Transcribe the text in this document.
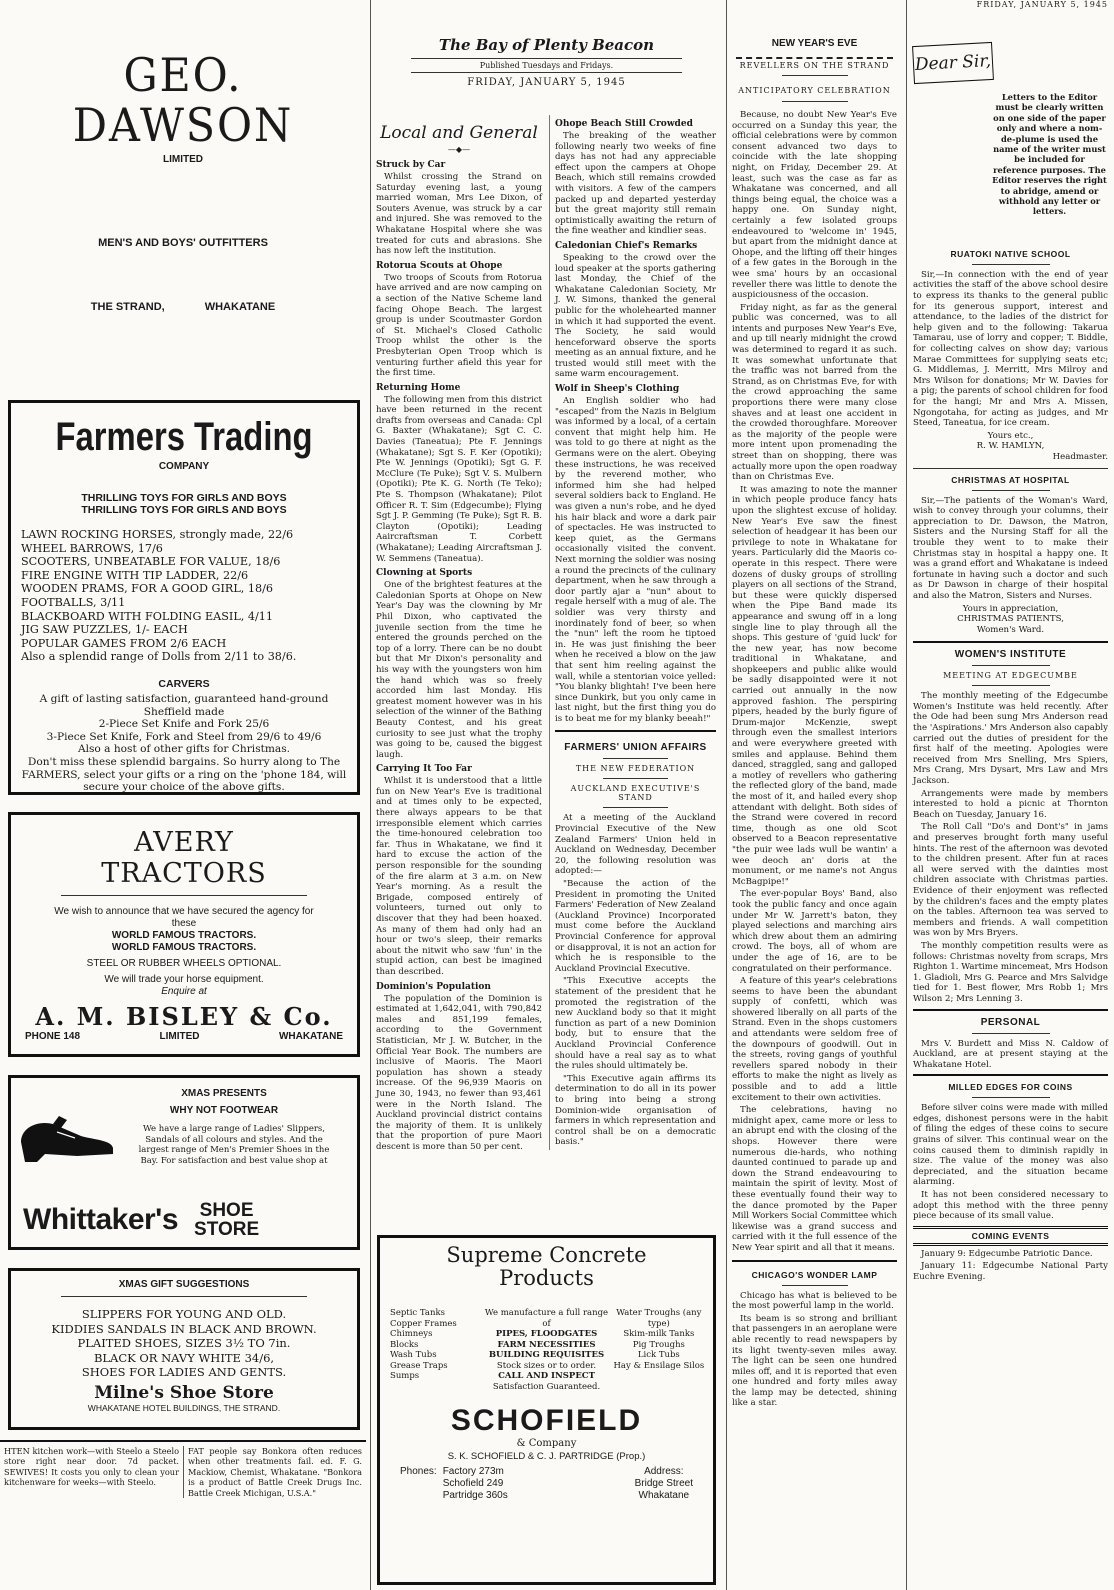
GEO. DAWSON
LIMITED
MEN'S AND BOYS' OUTFITTERS
THE STRAND,	WHAKATANE
Farmers Trading
COMPANY
THRILLING TOYS FOR GIRLS AND BOYS
THRILLING TOYS FOR GIRLS AND BOYS
LAWN ROCKING HORSES, strongly made, 22/6
WHEEL BARROWS, 17/6
SCOOTERS, UNBEATABLE FOR VALUE, 18/6
FIRE ENGINE WITH TIP LADDER, 22/6
WOODEN PRAMS, FOR A GOOD GIRL, 18/6
FOOTBALLS, 3/11
BLACKBOARD WITH FOLDING EASIL, 4/11
JIG SAW PUZZLES, 1/- EACH
POPULAR GAMES FROM 2/6 EACH
Also a splendid range of Dolls from 2/11 to 38/6.
CARVERS
A gift of lasting satisfaction, guaranteed hand-ground Sheffield made
2-Piece Set Knife and Fork 25/6
3-Piece Set Knife, Fork and Steel from 29/6 to 49/6
Also a host of other gifts for Christmas.
Don't miss these splendid bargains. So hurry along to The FARMERS, select your gifts or a ring on the 'phone 184, will secure your choice of the above gifts.
AVERY TRACTORS
We wish to announce that we have secured the agency for these
WORLD FAMOUS TRACTORS.
WORLD FAMOUS TRACTORS.
STEEL OR RUBBER WHEELS OPTIONAL.
We will trade your horse equipment.
Enquire at
A. M. BISLEY & Co.
PHONE 148	LIMITED	WHAKATANE
XMAS PRESENTS
WHY NOT FOOTWEAR
We have a large range of Ladies' Slippers, Sandals of all colours and styles. And the largest range of Men's Premier Shoes in the Bay. For satisfaction and best value shop at
Whittaker's SHOE
STORE
XMAS GIFT SUGGESTIONS
SLIPPERS FOR YOUNG AND OLD.
KIDDIES SANDALS IN BLACK AND BROWN.
PLAITED SHOES, SIZES 3½ TO 7in.
BLACK OR NAVY WHITE 34/6,
SHOES FOR LADIES AND GENTS.
Milne's Shoe Store
WHAKATANE HOTEL BUILDINGS, THE STRAND.

HTEN kitchen work—with Steelo a Steelo store right near door. 7d packet. SEWIVES! It costs you only to clean your kitchenware for weeks—with Steelo.

FAT people say Bonkora often reduces when other treatments fail. ed. F. G. Mackiow, Chemist, Whakatane. "Bonkora is a product of Battle Creek Drugs Inc. Battle Creek Michigan, U.S.A."

The Bay of Plenty Beacon
Published Tuesdays and Fridays.
FRIDAY, JANUARY 5, 1945
Local and General
—◆—
Struck by Car

Whilst crossing the Strand on Saturday evening last, a young married woman, Mrs Lee Dixon, of Souters Avenue, was struck by a car and injured. She was removed to the Whakatane Hospital where she was treated for cuts and abrasions. She has now left the institution.

Rotorua Scouts at Ohope

Two troops of Scouts from Rotorua have arrived and are now camping on a section of the Native Scheme land facing Ohope Beach. The largest group is under Scoutmaster Gordon of St. Michael's Closed Catholic Troop whilst the other is the Presbyterian Open Troop which is venturing further afield this year for the first time.

Returning Home

The following men from this district have been returned in the recent drafts from overseas and Canada: Cpl G. Baxter (Whakatane); Sgt C. C. Davies (Taneatua); Pte F. Jennings (Whakatane); Sgt S. F. Ker (Opotiki); Pte W. Jennings (Opotiki); Sgt G. F. McClure (Te Puke); Sgt V. S. Mulbern (Opotiki); Pte K. G. North (Te Teko); Pte S. Thompson (Whakatane); Pilot Officer R. T. Sim (Edgecumbe); Flying Sgt J. P. Gemming (Te Puke); Sgt R. B. Clayton (Opotiki); Leading Aaircraftsman T. Corbett (Whakatane); Leading Aircraftsman J. W. Semmens (Taneatua).

Clowning at Sports

One of the brightest features at the Caledonian Sports at Ohope on New Year's Day was the clowning by Mr Phil Dixon, who captivated the juvenile section from the time he entered the grounds perched on the top of a lorry. There can be no doubt but that Mr Dixon's personality and his way with the youngsters won him the hand which was so freely accorded him last Monday. His greatest moment however was in his selection of the winner of the Bathing Beauty Contest, and his great curiosity to see just what the trophy was going to be, caused the biggest laugh.

Carrying It Too Far

Whilst it is understood that a little fun on New Year's Eve is traditional and at times only to be expected, there always appears to be that irresponsible element which carries the time-honoured celebration too far. Thus in Whakatane, we find it hard to excuse the action of the person responsible for the sounding of the fire alarm at 3 a.m. on New Year's morning. As a result the Brigade, composed entirely of volunteers, turned out only to discover that they had been hoaxed. As many of them had only had an hour or two's sleep, their remarks about the nitwit who saw 'fun' in the stupid action, can best be imagined than described.

Dominion's Population

The population of the Dominion is estimated at 1,642,041, with 790,842 males and 851,199 females, according to the Government Statistician, Mr J. W. Butcher, in the Official Year Book. The numbers are inclusive of Maoris. The Maori population has shown a steady increase. Of the 96,939 Maoris on June 30, 1943, no fewer than 93,461 were in the North Island. The Auckland provincial district contains the majority of them. It is unlikely that the proportion of pure Maori descent is more than 50 per cent.

Ohope Beach Still Crowded

The breaking of the weather following nearly two weeks of fine days has not had any appreciable effect upon the campers at Ohope Beach, which still remains crowded with visitors. A few of the campers packed up and departed yesterday but the great majority still remain optimistically awaiting the return of the fine weather and kindlier seas.

Caledonian Chief's Remarks

Speaking to the crowd over the loud speaker at the sports gathering last Monday, the Chief of the Whakatane Caledonian Society, Mr J. W. Simons, thanked the general public for the wholehearted manner in which it had supported the event. The Society, he said would henceforward observe the sports meeting as an annual fixture, and he trusted would still meet with the same warm encouragement.

Wolf in Sheep's Clothing

An English soldier who had "escaped" from the Nazis in Belgium was informed by a local, of a certain convent that might help him. He was told to go there at night as the Germans were on the alert. Obeying these instructions, he was received by the reverend mother, who informed him she had helped several soldiers back to England. He was given a nun's robe, and he dyed his hair black and wore a dark pair of spectacles. He was instructed to keep quiet, as the Germans occasionally visited the convent. Next morning the soldier was nosing a round the precincts of the culinary department, when he saw through a door partly ajar a "nun" about to regale herself with a mug of ale. The soldier was very thirsty and inordinately fond of beer, so when the "nun" left the room he tiptoed in. He was just finishing the beer when he received a blow on the jaw that sent him reeling against the wall, while a stentorian voice yelled: "You blanky blightah! I've been here since Dunkirk, but you only came in last night, but the first thing you do is to beat me for my blanky beeah!"

FARMERS' UNION AFFAIRS
THE NEW FEDERATION
AUCKLAND EXECUTIVE'S STAND

At a meeting of the Auckland Provincial Executive of the New Zealand Farmers' Union held in Auckland on Wednesday, December 20, the following resolution was adopted:—

"Because the action of the President in promoting the United Farmers' Federation of New Zealand (Auckland Province) Incorporated must come before the Auckland Provincial Conference for approval or disapproval, it is not an action for which he is responsible to the Auckland Provincial Executive.

"This Executive accepts the statement of the president that he promoted the registration of the new Auckland body so that it might function as part of a new Dominion body, but to ensure that the Auckland Provincial Conference should have a real say as to what the rules should ultimately be.

"This Executive again affirms its determination to do all in its power to bring into being a strong Dominion-wide organisation of farmers in which representation and control shall be on a democratic basis."

Supreme Concrete
Products
Septic Tanks
Copper Frames
Chimneys
Blocks
Wash Tubs
Grease Traps
Sumps
We manufacture a full range of
PIPES, FLOODGATES
FARM NECESSITIES
BUILDING REQUISITES
Stock sizes or to order.
CALL AND INSPECT
Satisfaction Guaranteed.
Water Troughs (any type)
Skim-milk Tanks
Pig Troughs
Lick Tubs
Hay & Ensilage Silos
SCHOFIELD
& Company
S. K. SCHOFIELD & C. J. PARTRIDGE (Prop.)
Phones: Factory 273m
Schofield 249
Partridge 360s
Address:
Bridge Street
Whakatane
NEW YEAR'S EVE
REVELLERS ON THE STRAND
ANTICIPATORY CELEBRATION

Because, no doubt New Year's Eve occurred on a Sunday this year, the official celebrations were by common consent advanced two days to coincide with the late shopping night, on Friday, December 29. At least, such was the case as far as Whakatane was concerned, and all things being equal, the choice was a happy one. On Sunday night, certainly a few isolated groups endeavoured to 'welcome in' 1945, but apart from the midnight dance at Ohope, and the lifting off their hinges of a few gates in the Borough in the wee sma' hours by an occasional reveller there was little to denote the auspiciousness of the occasion.

Friday night, as far as the general public was concerned, was to all intents and purposes New Year's Eve, and up till nearly midnight the crowd was determined to regard it as such. It was somewhat unfortunate that the traffic was not barred from the Strand, as on Christmas Eve, for with the crowd approaching the same proportions there were many close shaves and at least one accident in the crowded thoroughfare. Moreover as the majority of the people were more intent upon promenading the street than on shopping, there was actually more upon the open roadway than on Christmas Eve.

It was amazing to note the manner in which people produce fancy hats upon the slightest excuse of holiday. New Year's Eve saw the finest selection of headgear it has been our privilege to note in Whakatane for years. Particularly did the Maoris co-operate in this respect. There were dozens of dusky groups of strolling players on all sections of the Strand, but these were quickly dispersed when the Pipe Band made its appearance and swung off in a long single line to play through all the shops. This gesture of 'guid luck' for the new year, has now become traditional in Whakatane, and shopkeepers and public alike would be sadly disappointed were it not carried out annually in the now approved fashion. The perspiring pipers, headed by the burly figure of Drum-major McKenzie, swept through even the smallest interiors and were everywhere greeted with smiles and applause. Behind them danced, straggled, sang and galloped a motley of revellers who gathering the reflected glory of the band, made the most of it, and hailed every shop attendant with delight. Both sides of the Strand were covered in record time, though as one old Scot observed to a Beacon representative "the puir wee lads wull be wantin' a wee deoch an' doris at the monument, or me name's not Angus McBagpipe!"

The ever-popular Boys' Band, also took the public fancy and once again under Mr W. Jarrett's baton, they played selections and marching airs which drew about them an admiring crowd. The boys, all of whom are under the age of 16, are to be congratulated on their performance.

A feature of this year's celebrations seems to have been the abundant supply of confetti, which was showered liberally on all parts of the Strand. Even in the shops customers and attendants were seldom free of the downpours of goodwill. Out in the streets, roving gangs of youthful revellers spared nobody in their efforts to make the night as lively as possible and to add a little excitement to their own activities.

The celebrations, having no midnight apex, came more or less to an abrupt end with the closing of the shops. However there were numerous die-hards, who nothing daunted continued to parade up and down the Strand endeavouring to maintain the spirit of levity. Most of these eventually found their way to the dance promoted by the Paper Mill Workers Social Committee which likewise was a grand success and carried with it the full essence of the New Year spirit and all that it means.

CHICAGO'S WONDER LAMP

Chicago has what is believed to be the most powerful lamp in the world.

Its beam is so strong and brilliant that passengers in an aeroplane were able recently to read newspapers by its light twenty-seven miles away. The light can be seen one hundred miles off, and it is reported that even one hundred and forty miles away the lamp may be detected, shining like a star.

FRIDAY, JANUARY 5, 1945
Dear Sir,

Letters to the Editor must be clearly written on one side of the paper only and where a nom-de-plume is used the name of the writer must be included for reference purposes. The Editor reserves the right to abridge, amend or withhold any letter or letters.

RUATOKI NATIVE SCHOOL

Sir,—In connection with the end of year activities the staff of the above school desire to express its thanks to the general public for its generous support, interest and attendance, to the ladies of the district for help given and to the following: Takarua Tamarau, use of lorry and copper; T. Biddle, for collecting calves on show day; various Marae Committees for supplying seats etc; G. Middlemas, J. Merritt, Mrs Milroy and Mrs Wilson for donations; Mr W. Davies for a pig; the parents of school children for food for the hangi; Mr and Mrs A. Missen, Ngongotaha, for acting as judges, and Mr Steed, Taneatua, for ice cream.

Yours etc.,
R. W. HAMLYN,
Headmaster.
CHRISTMAS AT HOSPITAL

Sir,—The patients of the Woman's Ward, wish to convey through your columns, their appreciation to Dr. Dawson, the Matron, Sisters and the Nursing Staff for all the trouble they went to to make their Christmas stay in hospital a happy one. It was a grand effort and Whakatane is indeed fortunate in having such a doctor and such as Dr Dawson in charge of their hospital and also the Matron, Sisters and Nurses.

Yours in appreciation,
CHRISTMAS PATIENTS,
Women's Ward.
WOMEN'S INSTITUTE
MEETING AT EDGECUMBE

The monthly meeting of the Edgecumbe Women's Institute was held recently. After the Ode had been sung Mrs Anderson read the 'Aspirations.' Mrs Anderson also capably carried out the duties of president for the first half of the meeting. Apologies were received from Mrs Snelling, Mrs Spiers, Mrs Crang, Mrs Dysart, Mrs Law and Mrs Jackson.

Arrangements were made by members interested to hold a picnic at Thornton Beach on Tuesday, January 16.

The Roll Call "Do's and Dont's" in jams and preserves brought forth many useful hints. The rest of the afternoon was devoted to the children present. After fun at races all were served with the dainties most children associate with Christmas parties. Evidence of their enjoyment was reflected by the children's faces and the empty plates on the tables. Afternoon tea was served to members and friends. A wall competition was won by Mrs Bryers.

The monthly competition results were as follows: Christmas novelty from scraps, Mrs Righton 1. Wartime mincemeat, Mrs Hodson 1. Gladioli, Mrs G. Pearce and Mrs Salvidge tied for 1. Best flower, Mrs Robb 1; Mrs Wilson 2; Mrs Lenning 3.

PERSONAL

Mrs V. Burdett and Miss N. Caldow of Auckland, are at present staying at the Whakatane Hotel.

MILLED EDGES FOR COINS

Before silver coins were made with milled edges, dishonest persons were in the habit of filing the edges of these coins to secure grains of silver. This continual wear on the coins caused them to diminish rapidly in size. The value of the money was also depreciated, and the situation became alarming.

It has not been considered necessary to adopt this method with the three penny piece because of its small value.

COMING EVENTS

January 9: Edgecumbe Patriotic Dance.

January 11: Edgecumbe National Party Euchre Evening.
